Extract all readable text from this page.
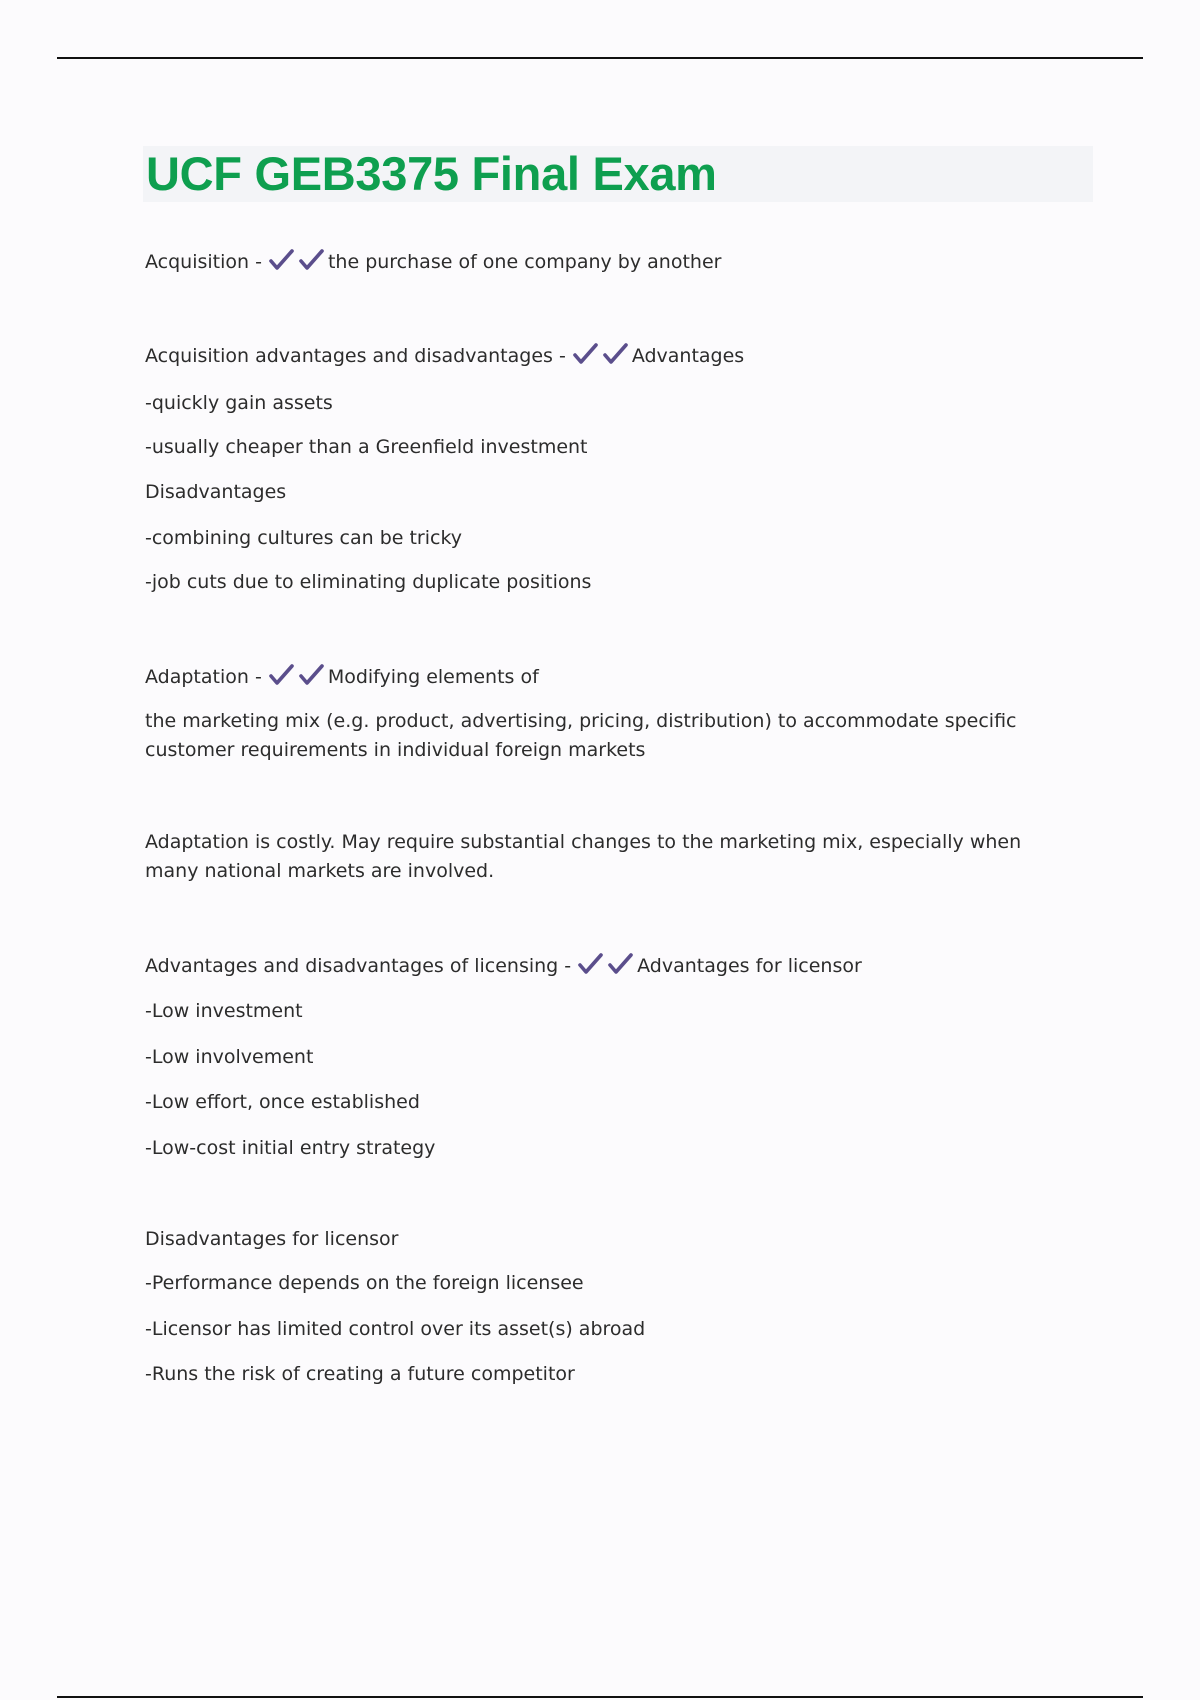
UCF GEB3375 Final Exam
Acquisition -	the purchase of one company by another
Acquisition advantages and disadvantages -	Advantages
-quickly gain assets
-usually cheaper than a Greenfield investment
Disadvantages
-combining cultures can be tricky
-job cuts due to eliminating duplicate positions
Adaptation -	Modifying elements of
the marketing mix (e.g. product, advertising, pricing, distribution) to accommodate specific customer requirements in individual foreign markets
Adaptation is costly. May require substantial changes to the marketing mix, especially when many national markets are involved.
Advantages and disadvantages of licensing -	Advantages for licensor
-Low investment
-Low involvement
-Low effort, once established
-Low-cost initial entry strategy
Disadvantages for licensor
-Performance depends on the foreign licensee
-Licensor has limited control over its asset(s) abroad
-Runs the risk of creating a future competitor
